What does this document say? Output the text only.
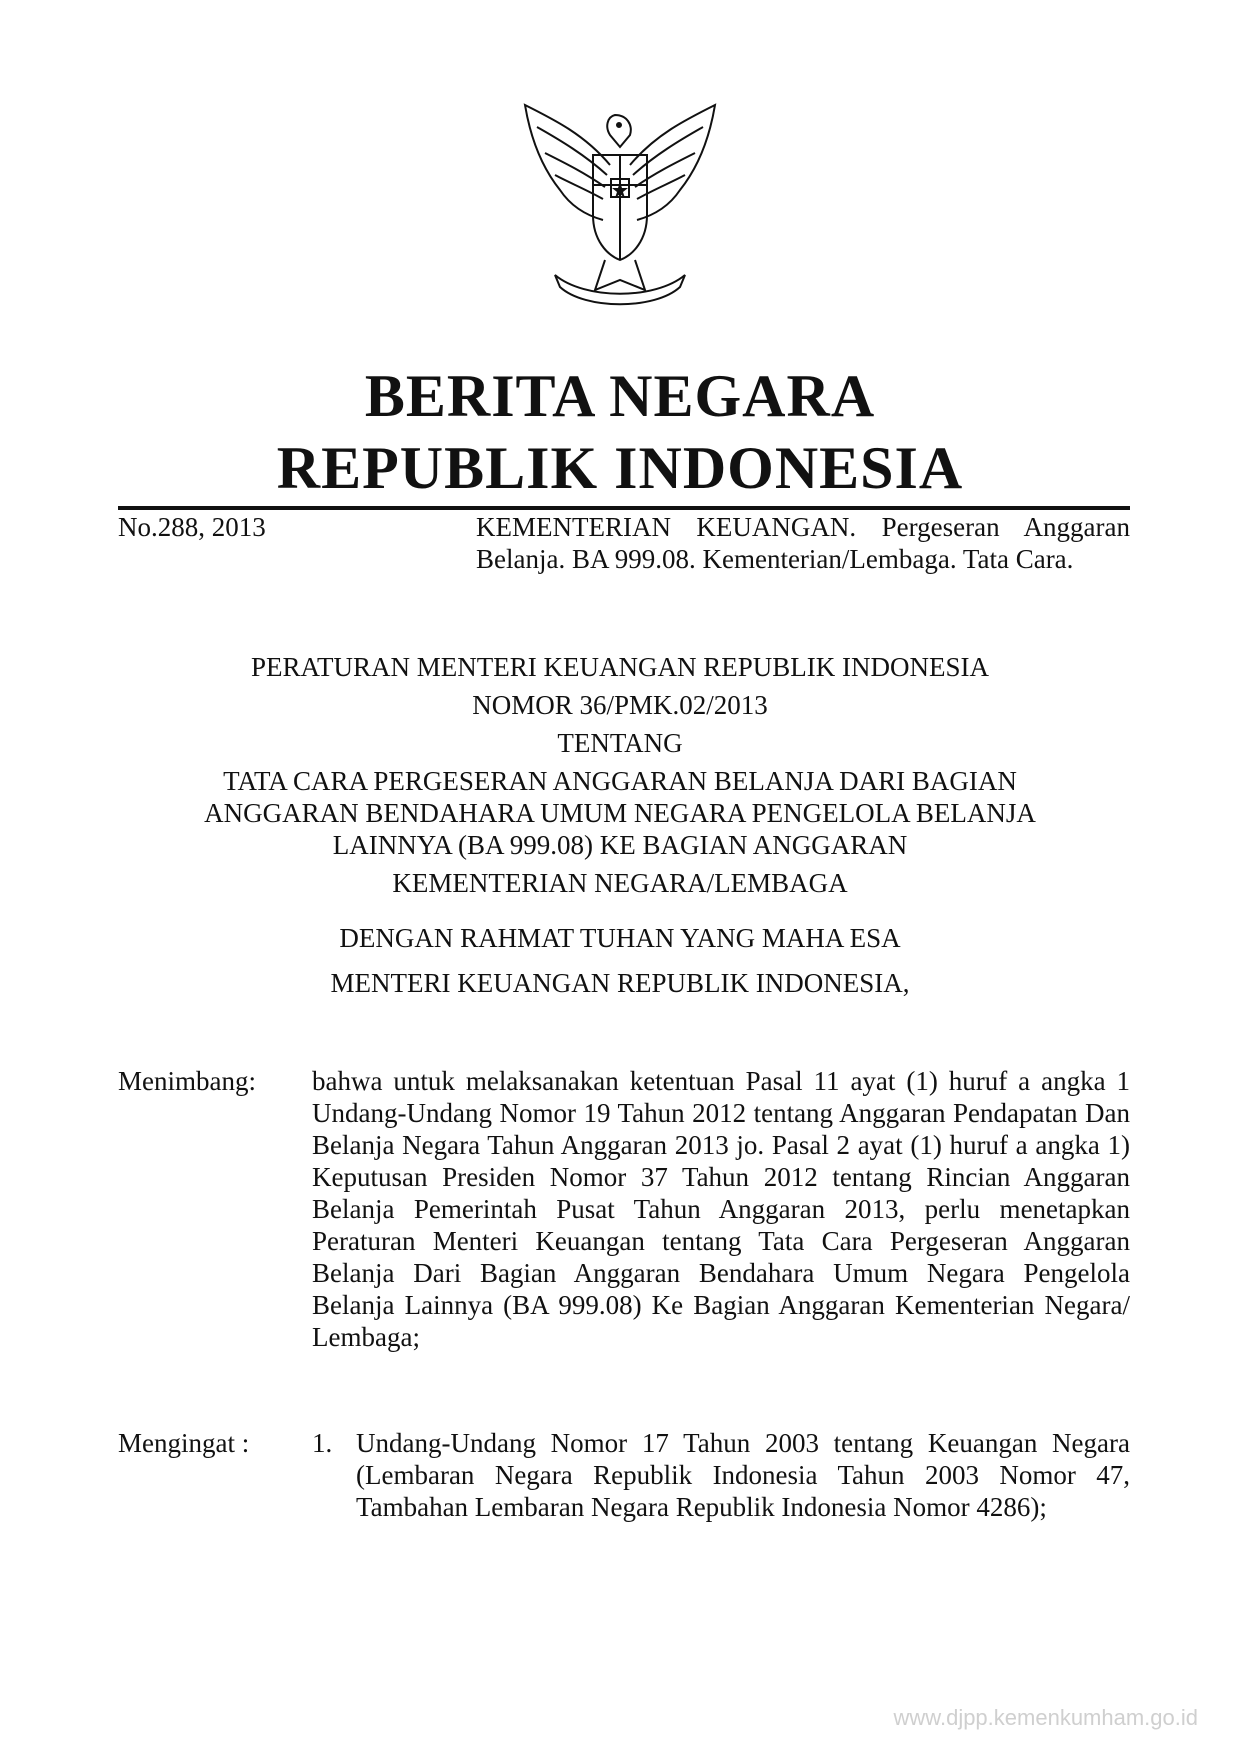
BERITA NEGARA
REPUBLIK INDONESIA
No.288, 2013	KEMENTERIAN KEUANGAN. Pergeseran Anggaran Belanja. BA 999.08. Kementerian/Lembaga. Tata Cara.
PERATURAN MENTERI KEUANGAN REPUBLIK INDONESIA
NOMOR 36/PMK.02/2013
TENTANG
TATA CARA PERGESERAN ANGGARAN BELANJA DARI BAGIAN
ANGGARAN BENDAHARA UMUM NEGARA PENGELOLA BELANJA
LAINNYA (BA 999.08) KE BAGIAN ANGGARAN
KEMENTERIAN NEGARA/LEMBAGA
DENGAN RAHMAT TUHAN YANG MAHA ESA
MENTERI KEUANGAN REPUBLIK INDONESIA,
Menimbang: bahwa untuk melaksanakan ketentuan Pasal 11 ayat (1) huruf a angka 1 Undang-Undang Nomor 19 Tahun 2012 tentang Anggaran Pendapatan Dan Belanja Negara Tahun Anggaran 2013 jo. Pasal 2 ayat (1) huruf a angka 1) Keputusan Presiden Nomor 37 Tahun 2012 tentang Rincian Anggaran Belanja Pemerintah Pusat Tahun Anggaran 2013, perlu menetapkan Peraturan Menteri Keuangan tentang Tata Cara Pergeseran Anggaran Belanja Dari Bagian Anggaran Bendahara Umum Negara Pengelola Belanja Lainnya (BA 999.08) Ke Bagian Anggaran Kementerian Negara/ Lembaga;
Mengingat : 1. Undang-Undang Nomor 17 Tahun 2003 tentang Keuangan Negara (Lembaran Negara Republik Indonesia Tahun 2003 Nomor 47, Tambahan Lembaran Negara Republik Indonesia Nomor 4286);
www.djpp.kemenkumham.go.id
